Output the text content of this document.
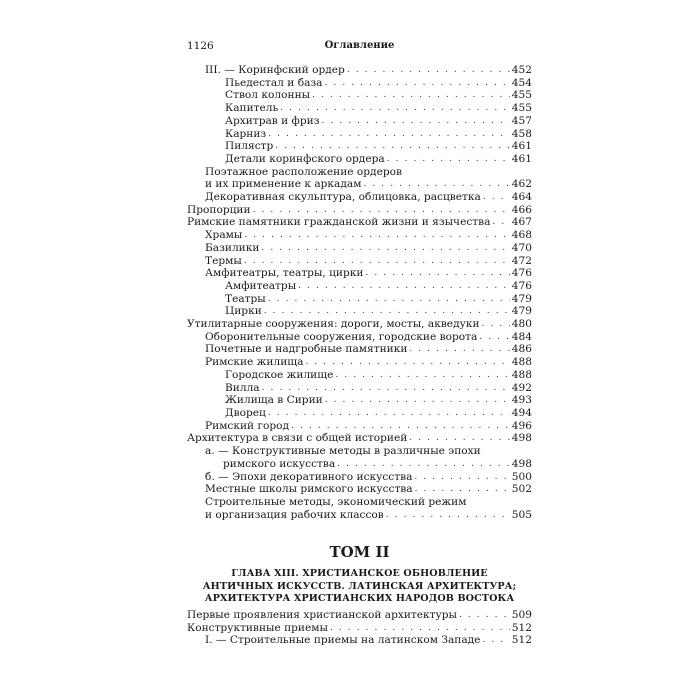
1126	Оглавление
III. — Коринфский ордер . . .	452
Пьедестал и база . . .	454
Ствол колонны . . .	455
Капитель . . .	455
Архитрав и фриз . . .	457
Карниз . . .	458
Пилястр . . .	461
Детали коринфского ордера . . .	461
Поэтажное расположение ордеров
и их применение к аркадам . . .	462
Декоративная скульптура, облицовка, расцветка . . .	464
Пропорции . . .	466
Римские памятники гражданской жизни и язычества . . . 467
Храмы . . .	468
Базилики . . .	470
Термы . . .	472
Амфитеатры, театры, цирки . . .	476
Амфитеатры . . .	476
Театры . . .	479
Цирки . . .	479
Утилитарные сооружения: дороги, мосты, акведуки . . .	480
Оборонительные сооружения, городские ворота . . .	484
Почетные и надгробные памятники . . .	486
Римские жилища . . .	488
Городское жилище . . .	488
Вилла . . .	492
Жилища в Сирии . . .	493
Дворец . . .	494
Римский город . . .	496
Архитектура в связи с общей историей . . .	498
а. — Конструктивные методы в различные эпохи
римского искусства . . .	498
б. — Эпохи декоративного искусства . . .	500
Местные школы римского искусства . . .	502
Строительные методы, экономический режим
и организация рабочих классов . . .	505
ТОМ II
ГЛАВА XIII. ХРИСТИАНСКОЕ ОБНОВЛЕНИЕ
АНТИЧНЫХ ИСКУССТВ. ЛАТИНСКАЯ АРХИТЕКТУРА;
АРХИТЕКТУРА ХРИСТИАНСКИХ НАРОДОВ ВОСТОКА
Первые проявления христианской архитектуры . . .	509
Конструктивные приемы . . .	512
I. — Строительные приемы на латинском Западе . . .	512
